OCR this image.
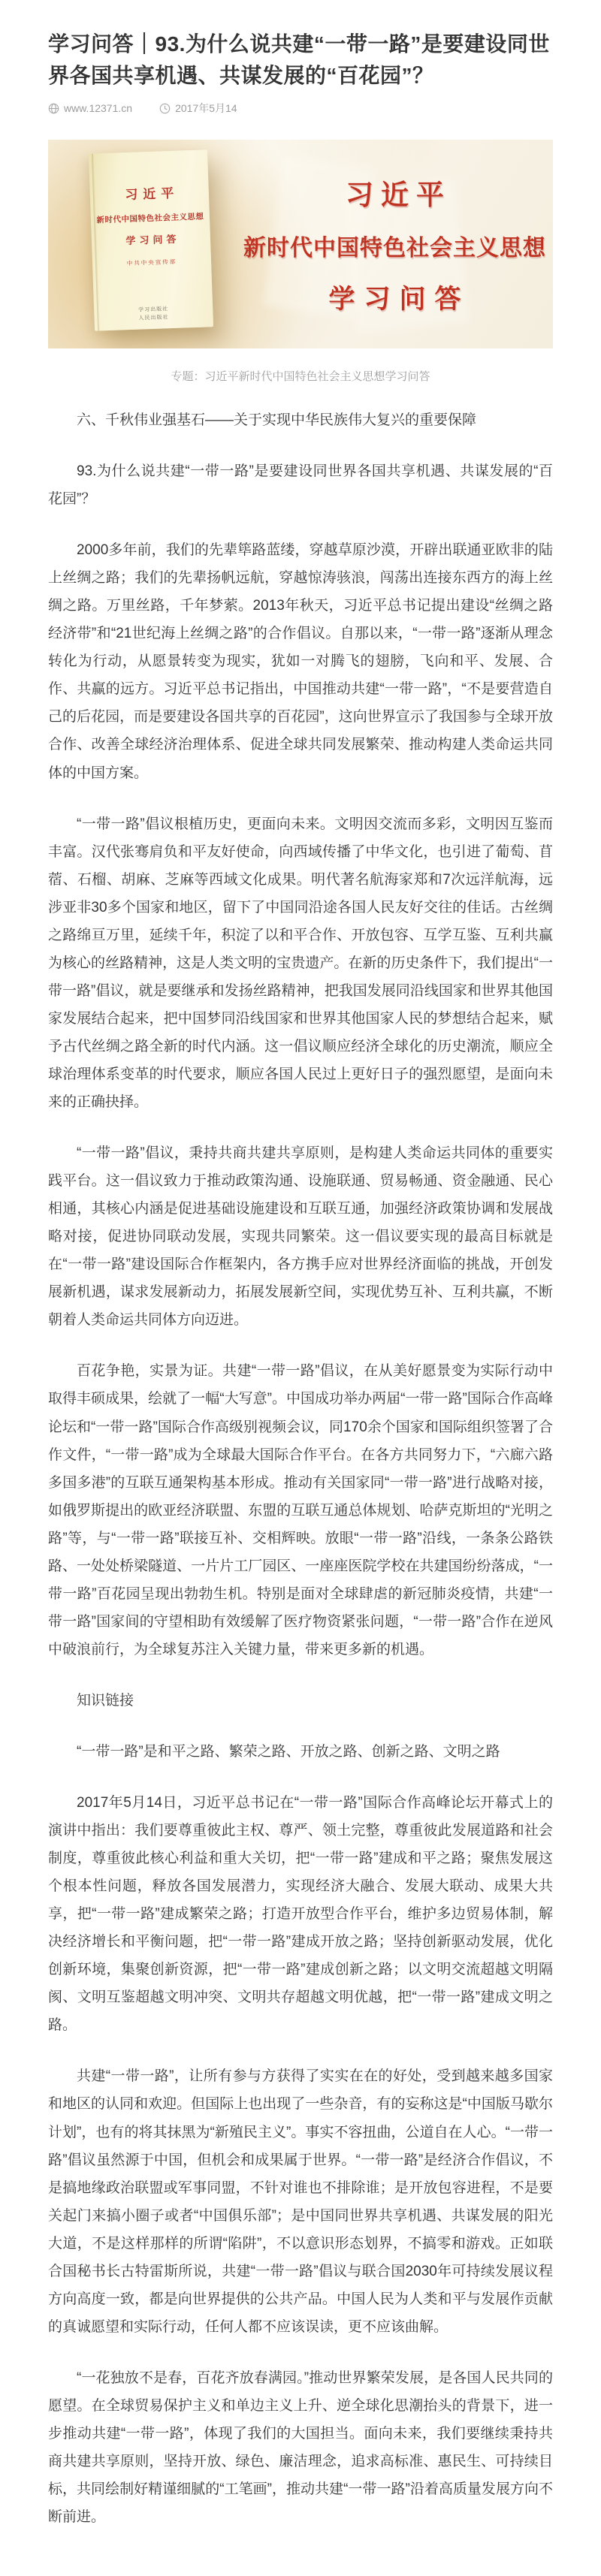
学习问答｜93.为什么说共建“一带一路”是要建设同世界各国共享机遇、共谋发展的“百花园”？
www.12371.cn	2017年5月14
习近平
新时代中国特色社会主义思想
学习问答
中共中央宣传部
学习出版社
人民出版社
习近平
新时代中国特色社会主义思想
学习问答
专题：习近平新时代中国特色社会主义思想学习问答

六、千秋伟业强基石——关于实现中华民族伟大复兴的重要保障

93.为什么说共建“一带一路”是要建设同世界各国共享机遇、共谋发展的“百花园”？

2000多年前，我们的先辈筚路蓝缕，穿越草原沙漠，开辟出联通亚欧非的陆上丝绸之路；我们的先辈扬帆远航，穿越惊涛骇浪，闯荡出连接东西方的海上丝绸之路。万里丝路，千年梦萦。2013年秋天，习近平总书记提出建设“丝绸之路经济带”和“21世纪海上丝绸之路”的合作倡议。自那以来，“一带一路”逐渐从理念转化为行动，从愿景转变为现实，犹如一对腾飞的翅膀，飞向和平、发展、合作、共赢的远方。习近平总书记指出，中国推动共建“一带一路”，“不是要营造自己的后花园，而是要建设各国共享的百花园”，这向世界宣示了我国参与全球开放合作、改善全球经济治理体系、促进全球共同发展繁荣、推动构建人类命运共同体的中国方案。

“一带一路”倡议根植历史，更面向未来。文明因交流而多彩，文明因互鉴而丰富。汉代张骞肩负和平友好使命，向西域传播了中华文化，也引进了葡萄、苜蓿、石榴、胡麻、芝麻等西域文化成果。明代著名航海家郑和7次远洋航海，远涉亚非30多个国家和地区，留下了中国同沿途各国人民友好交往的佳话。古丝绸之路绵亘万里，延续千年，积淀了以和平合作、开放包容、互学互鉴、互利共赢为核心的丝路精神，这是人类文明的宝贵遗产。在新的历史条件下，我们提出“一带一路”倡议，就是要继承和发扬丝路精神，把我国发展同沿线国家和世界其他国家发展结合起来，把中国梦同沿线国家和世界其他国家人民的梦想结合起来，赋予古代丝绸之路全新的时代内涵。这一倡议顺应经济全球化的历史潮流，顺应全球治理体系变革的时代要求，顺应各国人民过上更好日子的强烈愿望，是面向未来的正确抉择。

“一带一路”倡议，秉持共商共建共享原则，是构建人类命运共同体的重要实践平台。这一倡议致力于推动政策沟通、设施联通、贸易畅通、资金融通、民心相通，其核心内涵是促进基础设施建设和互联互通，加强经济政策协调和发展战略对接，促进协同联动发展，实现共同繁荣。这一倡议要实现的最高目标就是在“一带一路”建设国际合作框架内，各方携手应对世界经济面临的挑战，开创发展新机遇，谋求发展新动力，拓展发展新空间，实现优势互补、互利共赢，不断朝着人类命运共同体方向迈进。

百花争艳，实景为证。共建“一带一路”倡议，在从美好愿景变为实际行动中取得丰硕成果，绘就了一幅“大写意”。中国成功举办两届“一带一路”国际合作高峰论坛和“一带一路”国际合作高级别视频会议，同170余个国家和国际组织签署了合作文件，“一带一路”成为全球最大国际合作平台。在各方共同努力下，“六廊六路多国多港”的互联互通架构基本形成。推动有关国家同“一带一路”进行战略对接，如俄罗斯提出的欧亚经济联盟、东盟的互联互通总体规划、哈萨克斯坦的“光明之路”等，与“一带一路”联接互补、交相辉映。放眼“一带一路”沿线，一条条公路铁路、一处处桥梁隧道、一片片工厂园区、一座座医院学校在共建国纷纷落成，“一带一路”百花园呈现出勃勃生机。特别是面对全球肆虐的新冠肺炎疫情，共建“一带一路”国家间的守望相助有效缓解了医疗物资紧张问题，“一带一路”合作在逆风中破浪前行，为全球复苏注入关键力量，带来更多新的机遇。

知识链接

“一带一路”是和平之路、繁荣之路、开放之路、创新之路、文明之路

2017年5月14日，习近平总书记在“一带一路”国际合作高峰论坛开幕式上的演讲中指出：我们要尊重彼此主权、尊严、领土完整，尊重彼此发展道路和社会制度，尊重彼此核心利益和重大关切，把“一带一路”建成和平之路；聚焦发展这个根本性问题，释放各国发展潜力，实现经济大融合、发展大联动、成果大共享，把“一带一路”建成繁荣之路；打造开放型合作平台，维护多边贸易体制，解决经济增长和平衡问题，把“一带一路”建成开放之路；坚持创新驱动发展，优化创新环境，集聚创新资源，把“一带一路”建成创新之路；以文明交流超越文明隔阂、文明互鉴超越文明冲突、文明共存超越文明优越，把“一带一路”建成文明之路。

共建“一带一路”，让所有参与方获得了实实在在的好处，受到越来越多国家和地区的认同和欢迎。但国际上也出现了一些杂音，有的妄称这是“中国版马歇尔计划”，也有的将其抹黑为“新殖民主义”。事实不容扭曲，公道自在人心。“一带一路”倡议虽然源于中国，但机会和成果属于世界。“一带一路”是经济合作倡议，不是搞地缘政治联盟或军事同盟，不针对谁也不排除谁；是开放包容进程，不是要关起门来搞小圈子或者“中国俱乐部”；是中国同世界共享机遇、共谋发展的阳光大道，不是这样那样的所谓“陷阱”，不以意识形态划界，不搞零和游戏。正如联合国秘书长古特雷斯所说，共建“一带一路”倡议与联合国2030年可持续发展议程方向高度一致，都是向世界提供的公共产品。中国人民为人类和平与发展作贡献的真诚愿望和实际行动，任何人都不应该误读，更不应该曲解。

“一花独放不是春，百花齐放春满园。”推动世界繁荣发展，是各国人民共同的愿望。在全球贸易保护主义和单边主义上升、逆全球化思潮抬头的背景下，进一步推动共建“一带一路”，体现了我们的大国担当。面向未来，我们要继续秉持共商共建共享原则，坚持开放、绿色、廉洁理念，追求高标准、惠民生、可持续目标，共同绘制好精谨细腻的“工笔画”，推动共建“一带一路”沿着高质量发展方向不断前进。
